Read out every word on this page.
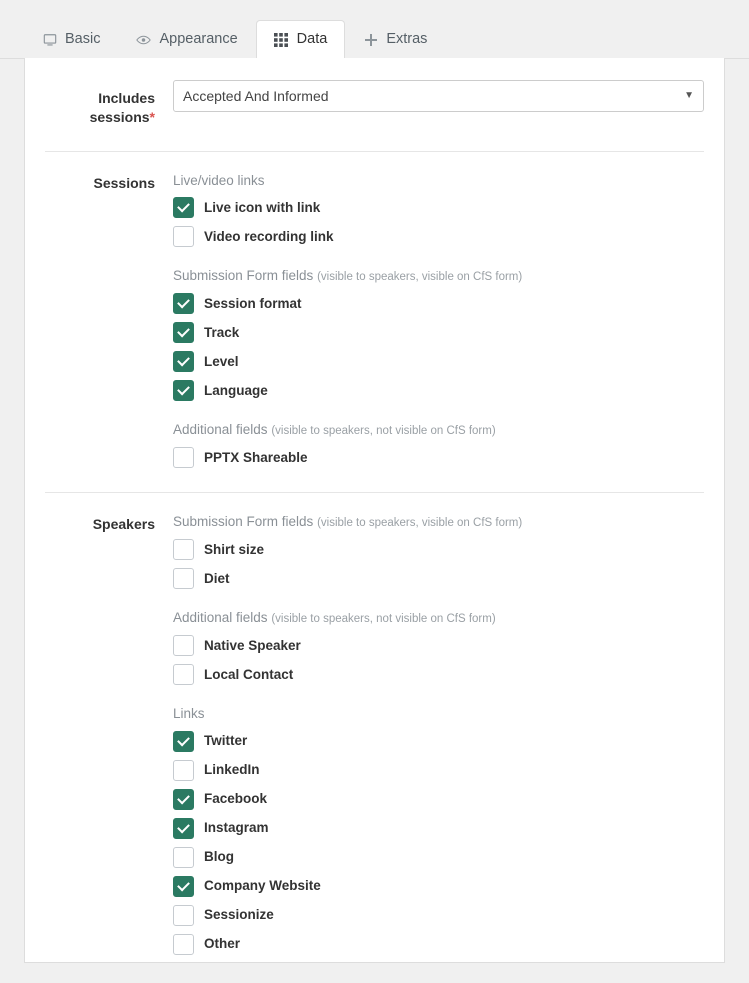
Basic	Appearance	Data	Extras
Includes sessions*
Accepted And Informed
▼
Sessions	Live/video links
Live icon with link
Video recording link
Submission Form fields (visible to speakers, visible on CfS form)
Session format
Track
Level
Language
Additional fields (visible to speakers, not visible on CfS form)
PPTX Shareable
Speakers	Submission Form fields (visible to speakers, visible on CfS form)
Shirt size
Diet
Additional fields (visible to speakers, not visible on CfS form)
Native Speaker
Local Contact
Links
Twitter
LinkedIn
Facebook
Instagram
Blog
Company Website
Sessionize
Other
